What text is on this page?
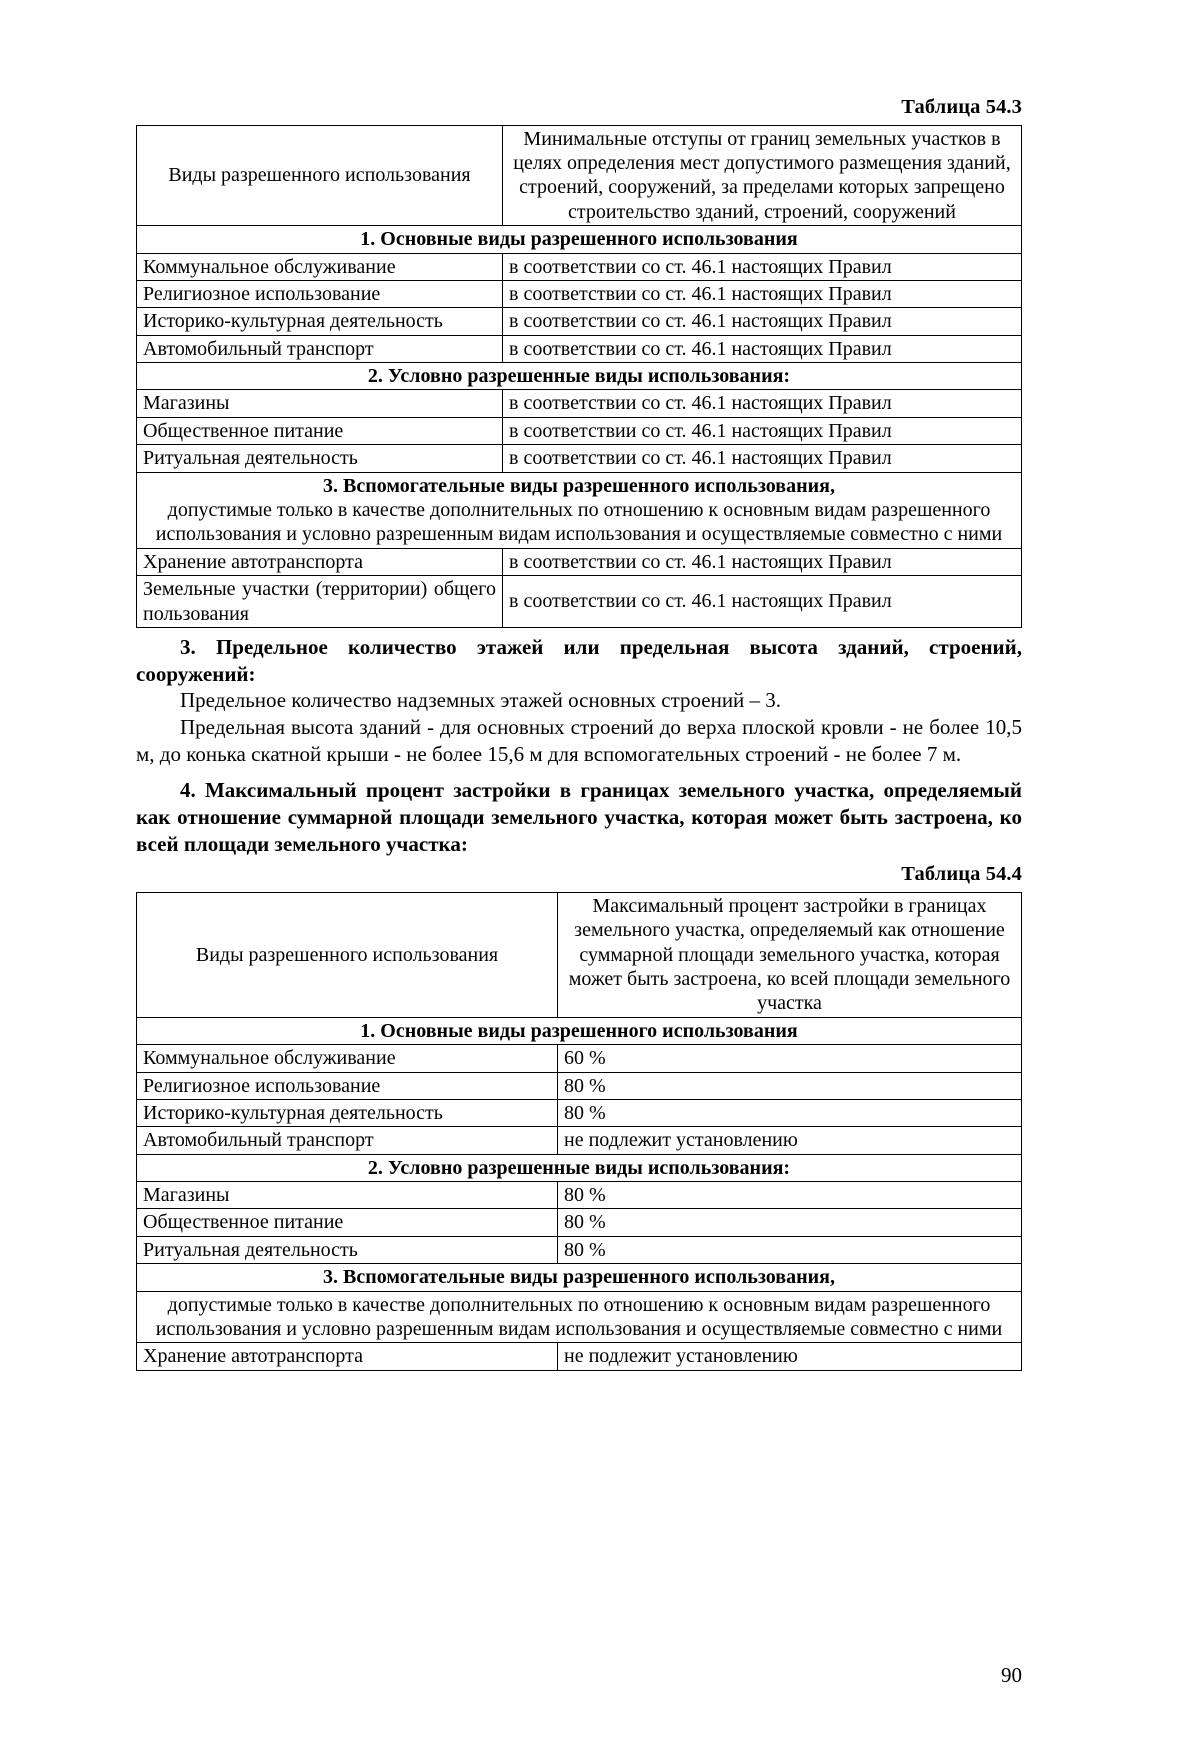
Таблица 54.3
Виды разрешенного использования	Минимальные отступы от границ земельных участков в целях определения мест допустимого размещения зданий, строений, сооружений, за пределами которых запрещено строительство зданий, строений, сооружений
1. Основные виды разрешенного использования	
Коммунальное обслуживание	в соответствии со ст. 46.1 настоящих Правил
Религиозное использование	в соответствии со ст. 46.1 настоящих Правил
Историко-культурная деятельность	в соответствии со ст. 46.1 настоящих Правил
Автомобильный транспорт	в соответствии со ст. 46.1 настоящих Правил
2. Условно разрешенные виды использования:	
Магазины	в соответствии со ст. 46.1 настоящих Правил
Общественное питание	в соответствии со ст. 46.1 настоящих Правил
Ритуальная деятельность	в соответствии со ст. 46.1 настоящих Правил

3. Вспомогательные виды разрешенного использования,
допустимые только в качестве дополнительных по отношению к основным видам разрешенного использования и условно разрешенным видам использования и осуществляемые совместно с ними	

Хранение автотранспорта	в соответствии со ст. 46.1 настоящих Правил
Земельные участки (территории) общего пользования	в соответствии со ст. 46.1 настоящих Правил

3. Предельное количество этажей или предельная высота зданий, строений, сооружений:

Предельное количество надземных этажей основных строений – 3.

Предельная высота зданий - для основных строений до верха плоской кровли - не более 10,5 м, до конька скатной крыши - не более 15,6 м для вспомогательных строений - не более 7 м.

4. Максимальный процент застройки в границах земельного участка, определяемый как отношение суммарной площади земельного участка, которая может быть застроена, ко всей площади земельного участка:

Таблица 54.4
Виды разрешенного использования	Максимальный процент застройки в границах земельного участка, определяемый как отношение суммарной площади земельного участка, которая может быть застроена, ко всей площади земельного участка
1. Основные виды разрешенного использования	
Коммунальное обслуживание	60 %
Религиозное использование	80 %
Историко-культурная деятельность	80 %
Автомобильный транспорт	не подлежит установлению
2. Условно разрешенные виды использования:	
Магазины	80 %
Общественное питание	80 %
Ритуальная деятельность	80 %
3. Вспомогательные виды разрешенного использования,	
допустимые только в качестве дополнительных по отношению к основным видам разрешенного использования и условно разрешенным видам использования и осуществляемые совместно с ними	
Хранение автотранспорта	не подлежит установлению
90
